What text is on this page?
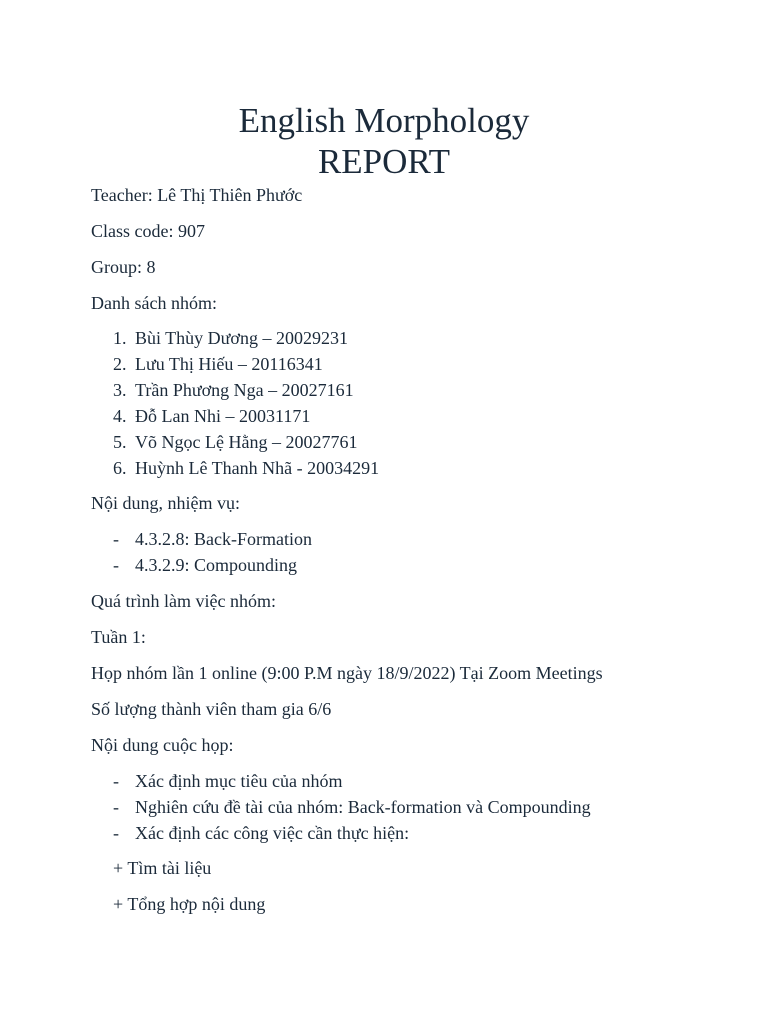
English Morphology
REPORT
Teacher: Lê Thị Thiên Phước
Class code: 907
Group: 8
Danh sách nhóm:
1. Bùi Thùy Dương – 20029231
2. Lưu Thị Hiếu – 20116341
3. Trần Phương Nga – 20027161
4. Đỗ Lan Nhi – 20031171
5. Võ Ngọc Lệ Hằng – 20027761
6. Huỳnh Lê Thanh Nhã - 20034291
Nội dung, nhiệm vụ:
- 4.3.2.8: Back-Formation
- 4.3.2.9: Compounding
Quá trình làm việc nhóm:
Tuần 1:
Họp nhóm lần 1 online (9:00 P.M ngày 18/9/2022) Tại Zoom Meetings
Số lượng thành viên tham gia 6/6
Nội dung cuộc họp:
- Xác định mục tiêu của nhóm
- Nghiên cứu đề tài của nhóm: Back-formation và Compounding
- Xác định các công việc cần thực hiện:
+ Tìm tài liệu
+ Tổng hợp nội dung
